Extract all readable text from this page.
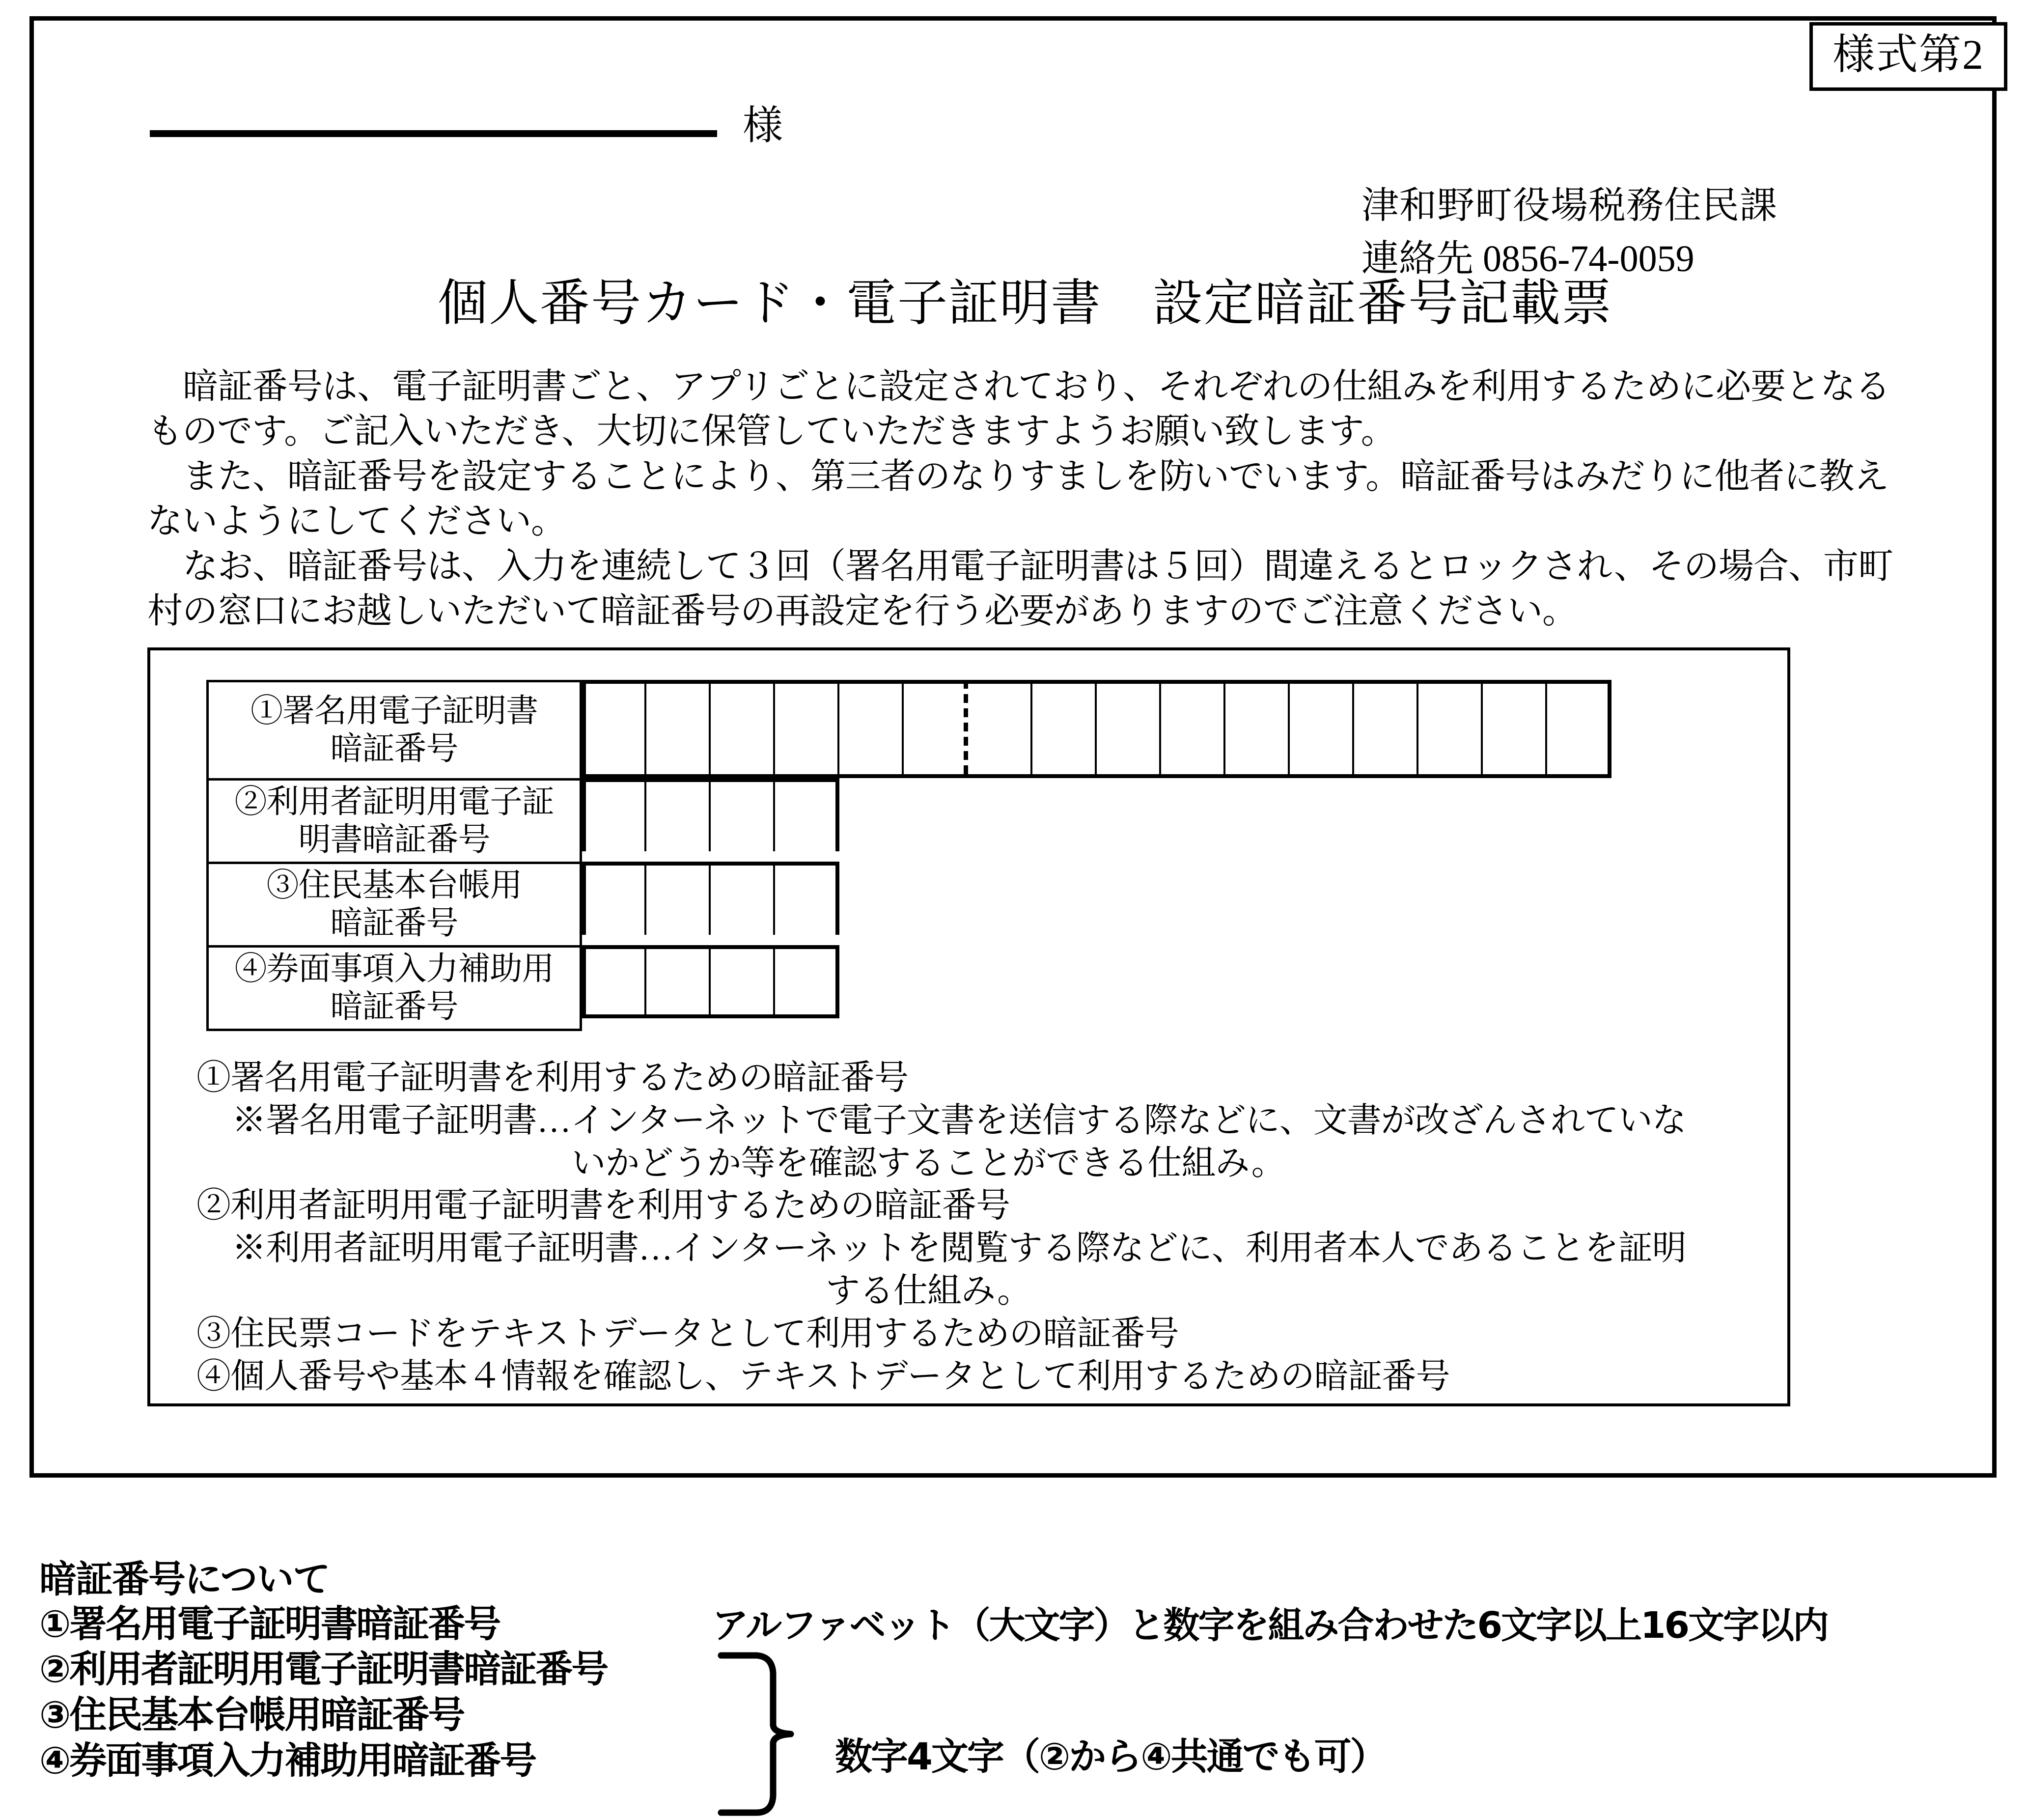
様式第2
様
津和野町役場税務住民課
連絡先 0856-74-0059
個人番号カード・電子証明書　設定暗証番号記載票

暗証番号は、電子証明書ごと、アプリごとに設定されており、それぞれの仕組みを利用するために必要となるものです。ご記入いただき、大切に保管していただきますようお願い致します。

また、暗証番号を設定することにより、第三者のなりすましを防いでいます。暗証番号はみだりに他者に教えないようにしてください。

なお、暗証番号は、入力を連続して３回（署名用電子証明書は５回）間違えるとロックされ、その場合、市町村の窓口にお越しいただいて暗証番号の再設定を行う必要がありますのでご注意ください。

①署名用電子証明書
暗証番号
②利用者証明用電子証
明書暗証番号
③住民基本台帳用
暗証番号
④券面事項入力補助用
暗証番号

①署名用電子証明書を利用するための暗証番号

※署名用電子証明書…インターネットで電子文書を送信する際などに、文書が改ざんされていな

いかどうか等を確認することができる仕組み。

②利用者証明用電子証明書を利用するための暗証番号

※利用者証明用電子証明書…インターネットを閲覧する際などに、利用者本人であることを証明

する仕組み。

③住民票コードをテキストデータとして利用するための暗証番号

④個人番号や基本４情報を確認し、テキストデータとして利用するための暗証番号

暗証番号について
①署名用電子証明書暗証番号
②利用者証明用電子証明書暗証番号
③住民基本台帳用暗証番号
④券面事項入力補助用暗証番号
アルファベット（大文字）と数字を組み合わせた6文字以上16文字以内
数字4文字（②から④共通でも可）
